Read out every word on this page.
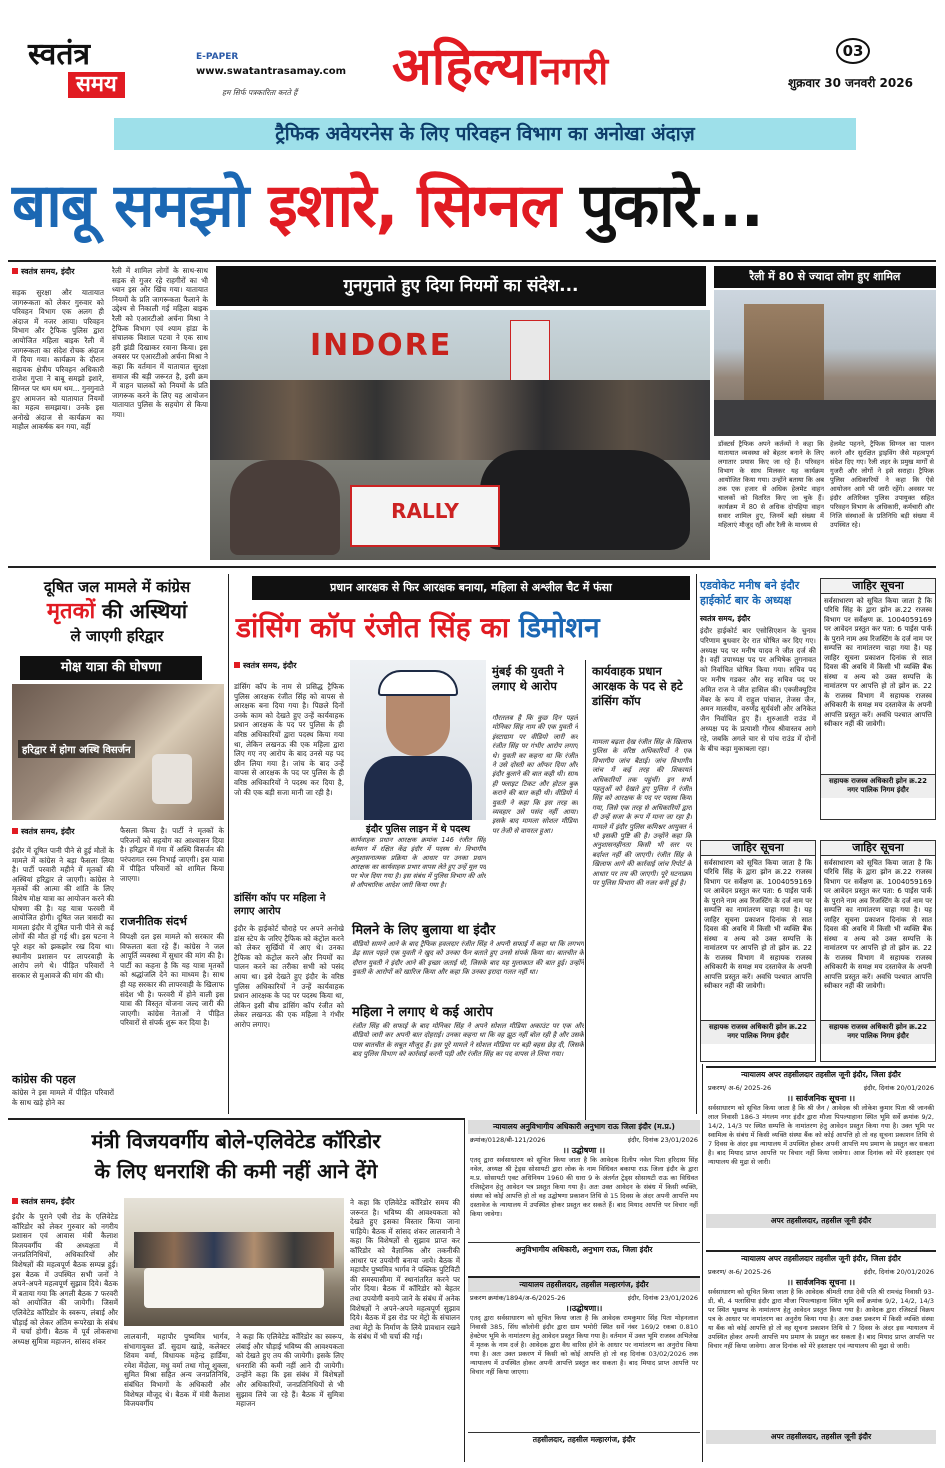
स्वतंत्र
समय
E-PAPER
www.swatantrasamay.com
हम सिर्फ पत्रकारिता करते हैं अहिल्यानगरी	03
शुक्रवार 30 जनवरी 2026
ट्रैफिक अवेयरनेस के लिए परिवहन विभाग का अनोखा अंदाज़
बाबू समझो इशारे, सिग्नल पुकारे...
स्वतंत्र समय, इंदौर
सड़क सुरक्षा और यातायात जागरूकता को लेकर गुरुवार को परिवहन विभाग एक अलग ही अंदाज में नजर आया। परिवहन विभाग और ट्रैफिक पुलिस द्वारा आयोजित महिला बाइक रैली में जागरूकता का संदेश रोचक अंदाज में दिया गया। कार्यक्रम के दौरान सहायक क्षेत्रीय परिवहन अधिकारी राजेश गुप्ता ने बाबू समझो इशारे, सिग्नल पर थम थम थम... गुनगुनाते हुए आमजन को यातायात नियमों का महत्व समझाया। उनके इस अनोखे अंदाज से कार्यक्रम का माहौल आकर्षक बन गया, वहीं
रैली में शामिल लोगों के साथ-साथ सड़क से गुजर रहे राहगीरों का भी ध्यान इस ओर खिंच गया। यातायात नियमों के प्रति जागरूकता फैलाने के उद्देश्य से निकाली गई महिला बाइक रैली को एआरटीओ अर्चना मिश्रा ने ट्रैफिक विभाग एवं श्याम हांडा के संचालक विशाल पटवा ने एक साथ हरी झंडी दिखाकर रवाना किया। इस अवसर पर एआरटीओ अर्चना मिश्रा ने कहा कि वर्तमान में यातायात सुरक्षा समाज की बड़ी जरूरत है, इसी क्रम में वाहन चालकों को नियमों के प्रति जागरूक करने के लिए यह आयोजन यातायात पुलिस के सहयोग से किया गया।
गुनगुनाते हुए दिया नियमों का संदेश...
INDORE
RALLY
रैली में 80 से ज्यादा लोग हुए शामिल
डॉक्टर्स ट्रैफिक अपने कर्तव्यों ने कहा कि यातायात व्यवस्था को बेहतर बनाने के लिए लगातार प्रयास किए जा रहे हैं। परिवहन विभाग के साथ मिलकर यह कार्यक्रम आयोजित किया गया। उन्होंने बताया कि अब तक एक हजार से अधिक हेलमेट वाहन चालकों को वितरित किए जा चुके हैं। कार्यक्रम में 80 से अधिक दोपहिया वाहन सवार शामिल हुए, जिनमें बड़ी संख्या में महिलाएं मौजूद रहीं और रैली के माध्यम से
हेलमेट पहनने, ट्रैफिक सिग्नल का पालन करने और सुरक्षित ड्राइविंग जैसे महत्वपूर्ण संदेश दिए गए। रैली शहर के प्रमुख मार्गों से गुजरी और लोगों ने इसे सराहा। ट्रैफिक पुलिस अधिकारियों ने कहा कि ऐसे आयोजन आगे भी जारी रहेंगे। अवसर पर इंदौर अतिरिक्त पुलिस उपायुक्त सहित परिवहन विभाग के अधिकारी, कर्मचारी और निजि संस्थाओं के प्रतिनिधि बड़ी संख्या में उपस्थित रहे।
दूषित जल मामले में कांग्रेस
मृतकों की अस्थियां
ले जाएगी हरिद्वार
मोक्ष यात्रा की घोषणा
हरिद्वार में होगा अस्थि विसर्जन
स्वतंत्र समय, इंदौर
इंदौर में दूषित पानी पीने से हुई मौतों के मामले में कांग्रेस ने बड़ा फैसला लिया है। पार्टी परवारी महीने में मृतकों की अस्थियां हरिद्वार ले जाएगी। कांग्रेस ने मृतकों की आत्मा की शांति के लिए विशेष मोक्ष यात्रा का आयोजन करने की घोषणा की है। यह यात्रा फरवरी में आयोजित होगी। दूषित जल त्रासदी का मामला इंदौर में दूषित पानी पीने से कई लोगों की मौत हो गई थी। इस घटना ने पूरे शहर को झकझोर रख दिया था। स्थानीय प्रशासन पर लापरवाही के आरोप लगे थे। पीड़ित परिवारों ने सरकार से मुआवजे की मांग की थी।
कांग्रेस की पहल
कांग्रेस ने इस मामले में पीड़ित परिवारों के साथ खड़े होने का
फैसला किया है। पार्टी ने मृतकों के परिजनों को सहयोग का आश्वासन दिया है। हरिद्वार में गंगा में अस्थि विसर्जन की परंपरागत रस्म निभाई जाएगी। इस यात्रा में पीड़ित परिवारों को शामिल किया जाएगा।
राजनीतिक संदर्भ
विपक्षी दल इस मामले को सरकार की विफलता बता रहे हैं। कांग्रेस ने जल आपूर्ति व्यवस्था में सुधार की मांग की है। पार्टी का कहना है कि यह यात्रा मृतकों को श्रद्धांजलि देने का माध्यम है। साथ ही यह सरकार की लापरवाही के खिलाफ संदेश भी है। फरवरी में होने वाली इस यात्रा की विस्तृत योजना जल्द जारी की जाएगी। कांग्रेस नेताओं ने पीड़ित परिवारों से संपर्क शुरू कर दिया है।
प्रधान आरक्षक से फिर आरक्षक बनाया, महिला से अश्लील चैट में फंसा
डांसिंग कॉप रंजीत सिंह का डिमोशन
स्वतंत्र समय, इंदौर
डांसिंग कॉप के नाम से प्रसिद्ध ट्रैफिक पुलिस आरक्षक रंजीत सिंह को वापस से आरक्षक बना दिया गया है। पिछले दिनों उनके काम को देखते हुए उन्हें कार्यवाहक प्रधान आरक्षक के पद पर पुलिस के ही वरिष्ठ अधिकारियों द्वारा पदस्थ किया गया था, लेकिन लखनऊ की एक महिला द्वारा लिए गए नए आरोप के बाद उनसे यह पद छीन लिया गया है। जांच के बाद उन्हें वापस से आरक्षक के पद पर पुलिस के ही वरिष्ठ अधिकारियों ने पदस्थ कर दिया है, जो की एक बड़ी सजा मानी जा रही है।
डांसिंग कॉप पर महिला ने लगाए आरोप
इंदौर के हाईकोर्ट चौराहे पर अपने अनोखे डांस स्टेप के जरिए ट्रैफिक को कंट्रोल करने को लेकर सुर्खियों में आए थे। उनका ट्रैफिक को कंट्रोल करने और नियमों का पालन करने का तरीका सभी को पसंद आया था। इसे देखते हुए इंदौर के वरिष्ठ पुलिस अधिकारियों ने उन्हें कार्यवाहक प्रधान आरक्षक के पद पर पदस्थ किया था, लेकिन इसी बीच डांसिंग कॉप रंजीत को लेकर लखनऊ की एक महिला ने गंभीर आरोप लगाए।
इंदौर पुलिस लाइन में थे पदस्थ
कार्यवाहक प्रधान आरक्षक क्रमांक 146 रंजीत सिंह वर्तमान में रक्षित केंद्र इंदौर में पदस्थ थे। विभागीय अनुशासनात्मक प्रक्रिया के आधार पर उनका प्रधान आरक्षक का कार्यवाहक प्रभार वापस लेते हुए उन्हें मूल पद पर भेज दिया गया है। इस संबंध में पुलिस विभाग की ओर से औपचारिक आदेश जारी किया गया है।
मुंबई की युवती ने लगाए थे आरोप
गौरतलब है कि कुछ दिन पहले मोनिका सिंह नाम की एक युवती ने इंस्टाग्राम पर वीडियो जारी कर रंजीत सिंह पर गंभीर आरोप लगाए थे। युवती का कहना था कि रंजीत ने उसे दोस्ती का ऑफर दिया और इंदौर बुलाने की बात कही थी। साथ ही फ्लाइट टिकट और होटल बुक कराने की बात कही थी। वीडियो में युवती ने कहा कि इस तरह का व्यवहार उसे पसंद नहीं आया। इसके बाद मामला सोशल मीडिया पर तेजी से वायरल हुआ।
कार्यवाहक प्रधान आरक्षक के पद से हटे डांसिंग कॉप
मामला बढ़ता देख रंजीत सिंह के खिलाफ पुलिस के वरिष्ठ अधिकारियों ने एक विभागीय जांच बैठाई। जांच विभागीय जांच में कई तरह की शिकायतें अधिकारियों तक पहुंचीं। इन सभी पहलुओं को देखते हुए पुलिस ने रंजीत सिंह को आरक्षक के पद पर पदस्थ किया गया, जिसे एक तरह से अधिकारियों द्वारा दी उन्हें सजा के रूप में माना जा रहा है। मामले में इंदौर पुलिस कमिश्नर आयुक्त ने भी इसकी पुष्टि की है। उन्होंने कहा कि अनुशासनहीनता किसी भी स्तर पर बर्दाश्त नहीं की जाएगी। रंजीत सिंह के खिलाफ आगे की कार्रवाई जांच रिपोर्ट के आधार पर तय की जाएगी। पूरे घटनाक्रम पर पुलिस विभाग की नजर बनी हुई है।
मिलने के लिए बुलाया था इंदौर
वीडियो सामने आने के बाद ट्रैफिक हवलदार रंजीत सिंह ने अपनी सफाई में कहा था कि लगभग डेढ़ साल पहले एक युवती ने खुद को उनका फैन बताते हुए उनसे संपर्क किया था। बातचीत के दौरान युवती ने इंदौर आने की इच्छा जताई थी, जिसके बाद यह मुलाकात की बात हुई। उन्होंने युवती के आरोपों को खारिज किया और कहा कि उनका इरादा गलत नहीं था।
महिला ने लगाए थे कई आरोप
रंजीत सिंह की सफाई के बाद मोनिका सिंह ने अपने सोशल मीडिया अकाउंट पर एक और वीडियो जारी कर अपनी बात दोहराई। उनका कहना था कि वह झूठ नहीं बोल रही है और उसके पास बातचीत के सबूत मौजूद हैं। इस पूरे मामले ने सोशल मीडिया पर बड़ी बहस छेड़ दी, जिसके बाद पुलिस विभाग को कार्रवाई करनी पड़ी और रंजीत सिंह का पद वापस ले लिया गया।
एडवोकेट मनीष बने इंदौर
हाईकोर्ट बार के अध्यक्ष
स्वतंत्र समय, इंदौर
इंदौर हाईकोर्ट बार एसोसिएशन के चुनाव परिणाम बुधवार देर रात घोषित कर दिए गए। अध्यक्ष पद पर मनीष यादव ने जीत दर्ज की है। वहीं उपाध्यक्ष पद पर अभिषेक तुगनावत को निर्वाचित घोषित किया गया। सचिव पद पर मनीष गडकर और सह सचिव पद पर अमित राज ने जीत हासिल की। एक्जीक्यूटिव मेंबर के रूप में राहुल पांचाल, तेजस जैन, अमन मालवीय, वरुणेंद्र सूर्यवंशी और अनिकेत जैन निर्वाचित हुए हैं। शुरुआती राउंड में अध्यक्ष पद के प्रत्याशी गौरव श्रीवास्तव आगे रहे, जबकि अगले चार से पांच राउंड में दोनों के बीच कड़ा मुकाबला रहा।
जाहिर सूचना
सर्वसाधारण को सूचित किया जाता है कि परिधि सिंह के द्वारा झोन क्र.22 राजस्व विभाग पर सर्वेक्षण क्र. 1004059169 पर आवेदन प्रस्तुत कर पता: 6 पाईस पार्क के पुराने नाम अव रिजस्टिंग के दर्ज नाम पर सम्पत्ति का नामांतरण चाहा गया है। यह जाहिर सूचना प्रकाशन दिनांक से सात दिवस की अवधि में किसी भी व्यक्ति बैंक संस्था व अन्य को उक्त सम्पत्ति के नामांतरण पर आपत्ति हो तो झोन क्र. 22 के राजस्व विभाग में सहायक राजस्व अधिकारी के समक्ष मय दस्तावेज के अपनी आपत्ति प्रस्तुत करें। अवधि पश्चात आपत्ति स्वीकार नहीं की जावेगी।
सहायक राजस्व अधिकारी झोन क्र.22 नगर पालिक निगम इंदौर
जाहिर सूचना
सर्वसाधारण को सूचित किया जाता है कि परिधि सिंह के द्वारा झोन क्र.22 राजस्व विभाग पर सर्वेक्षण क्र. 1004059169 पर आवेदन प्रस्तुत कर पता: 6 पाईस पार्क के पुराने नाम अव रिजस्टिंग के दर्ज नाम पर सम्पत्ति का नामांतरण चाहा गया है। यह जाहिर सूचना प्रकाशन दिनांक से सात दिवस की अवधि में किसी भी व्यक्ति बैंक संस्था व अन्य को उक्त सम्पत्ति के नामांतरण पर आपत्ति हो तो झोन क्र. 22 के राजस्व विभाग में सहायक राजस्व अधिकारी के समक्ष मय दस्तावेज के अपनी आपत्ति प्रस्तुत करें। अवधि पश्चात आपत्ति स्वीकार नहीं की जावेगी।
सहायक राजस्व अधिकारी झोन क्र.22 नगर पालिक निगम इंदौर
जाहिर सूचना
सर्वसाधारण को सूचित किया जाता है कि परिधि सिंह के द्वारा झोन क्र.22 राजस्व विभाग पर सर्वेक्षण क्र. 1004059169 पर आवेदन प्रस्तुत कर पता: 6 पाईस पार्क के पुराने नाम अव रिजस्टिंग के दर्ज नाम पर सम्पत्ति का नामांतरण चाहा गया है। यह जाहिर सूचना प्रकाशन दिनांक से सात दिवस की अवधि में किसी भी व्यक्ति बैंक संस्था व अन्य को उक्त सम्पत्ति के नामांतरण पर आपत्ति हो तो झोन क्र. 22 के राजस्व विभाग में सहायक राजस्व अधिकारी के समक्ष मय दस्तावेज के अपनी आपत्ति प्रस्तुत करें। अवधि पश्चात आपत्ति स्वीकार नहीं की जावेगी।
सहायक राजस्व अधिकारी झोन क्र.22 नगर पालिक निगम इंदौर
मंत्री विजयवर्गीय बोले-एलिवेटेड कॉरिडोर
के लिए धनराशि की कमी नहीं आने देंगे
स्वतंत्र समय, इंदौर
इंदौर के पुराने एबी रोड के एलिवेटेड कॉरिडोर को लेकर गुरुवार को नगरीय प्रशासन एवं आवास मंत्री कैलाश विजयवर्गीय की अध्यक्षता में जनप्रतिनिधियों, अधिकारियों और विशेषज्ञों की महत्वपूर्ण बैठक सम्पन्न हुई। इस बैठक में उपस्थित सभी जनों ने अपने-अपने महत्वपूर्ण सुझाव दिये। बैठक में बताया गया कि अगली बैठक 7 फरवरी को आयोजित की जायेगी। जिसमें एलिवेटेड कॉरिडोर के स्वरूप, लंबाई और चौड़ाई को लेकर अंतिम रूपरेखा के संबंध में चर्चा होगी। बैठक में पूर्व लोकसभा अध्यक्ष सुमित्रा महाजन, सांसद शंकर
लालवानी, महापौर पुष्यमित्र भार्गव, संभागायुक्त डॉ. सुदाम खाड़े, कलेक्टर शिवम वर्मा, विधायक महेन्द्र हार्डिया, रमेश मेंदोला, मधु वर्मा तथा गोलू शुक्ला, सुमित मिश्रा सहित अन्य जनप्रतिनिधि, संबंधित विभागों के अधिकारी और विशेषज्ञ मौजूद थे। बैठक में मंत्री कैलाश विजयवर्गीय
ने कहा कि एलिवेटेड कॉरिडोर का स्वरूप, लंबाई और चौड़ाई भविष्य की आवश्यकता को देखते हुए तय की जायेगी। इसके लिए धनराशि की कमी नहीं आने दी जायेगी। उन्होंने कहा कि इस संबंध में विशेषज्ञों और अधिकारियों, जनप्रतिनिधियों से भी सुझाव लिये जा रहे हैं। बैठक में सुमित्रा महाजन
ने कहा कि एलिवेटेड कॉरिडोर समय की जरूरत है। भविष्य की आवश्यकता को देखते हुए इसका विस्तार किया जाना चाहिये। बैठक में सांसद शंकर लालवानी ने कहा कि विशेषज्ञों से सुझाव प्राप्त कर कॉरिडोर को वैज्ञानिक और तकनीकी आधार पर उपयोगी बनाया जाये। बैठक में महापौर पुष्यमित्र भार्गव ने पब्लिक पुटिविटी की समस्यासीमा में स्थानांतरित करने पर जोर दिया। बैठक में कॉरिडोर को बेहतर तथा उपयोगी बनाये जाने के संबंध में अनेक विशेषज्ञों ने अपने-अपने महत्वपूर्ण सुझाव दिये। बैठक में इस रोड पर मेट्रो के संचालन तथा मेट्रो के निर्माण के लिये प्रावधान रखने के संबंध में भी चर्चा की गई।
न्यायालय अनुविभागीय अधिकारी अनुभाग राऊ जिला इंदौर (म.प्र.)
क्रमांक/0128/बी-121/2026	इंदौर, दिनांक 23/01/2026
।। उद्घोषणा ।।
एतद् द्वारा सर्वसाधारण को सूचित किया जाता है कि आवेदक दिलीप नवेल पिता हरिदास सिंह नवेल, अध्यक्ष श्री ट्रेड्स सोसायटी द्वारा लोक के नाम विधिवत बकाया राऊ जिला इंदौर के द्वारा म.प्र. सोसायटी एक्ट अधिनियम 1960 की धारा 9 के अंतर्गत ट्रेड्स सोसायटी राऊ का विधिवत रजिस्ट्रेशन हेतु आवेदन पत्र प्रस्तुत किया गया है। अतः उक्त आवेदन के संबंध में किसी व्यक्ति, संस्था को कोई आपत्ति हो तो वह उद्घोषणा प्रकाशन तिथि से 15 दिवस के अंदर अपनी आपत्ति मय दस्तावेज के न्यायालय में उपस्थित होकर प्रस्तुत कर सकते हैं। बाद मियाद आपत्ति पर विचार नहीं किया जावेगा।
अनुविभागीय अधिकारी, अनुभाग राऊ, जिला इंदौर
न्यायालय तहसीलदार, तहसील मल्हारगंज, इंदौर
प्रकरण क्रमांक/1894/अ-6/2025-26	इंदौर, दिनांक 23/01/2026
।।उद्घोषणा।।
एतद् द्वारा सर्वसाधारण को सूचित किया जाता है कि आवेदक रामकुमार सिंह पिता मोहनलाल निवासी 385, सिंध कॉलोनी इंदौर द्वारा ग्राम भमोरी स्थित सर्वे नंबर 169/2 रकबा 0.810 हेक्टेयर भूमि के नामांतरण हेतु आवेदन प्रस्तुत किया गया है। वर्तमान में उक्त भूमि राजस्व अभिलेख में मृतक के नाम दर्ज है। आवेदक द्वारा वैध वारिस होने के आधार पर नामांतरण का अनुरोध किया गया है। अतः उक्त प्रकरण में किसी को कोई आपत्ति हो तो वह दिनांक 03/02/2026 तक न्यायालय में उपस्थित होकर अपनी आपत्ति प्रस्तुत कर सकता है। बाद मियाद प्राप्त आपत्ति पर विचार नहीं किया जाएगा।
तहसीलदार, तहसील मल्हारगंज, इंदौर
न्यायालय अपर तहसीलदार तहसील जूनी इंदौर, जिला इंदौर
प्रकरण/ अ-6/ 2025-26	इंदौर, दिनांक 20/01/2026
।। सार्वजनिक सूचना ।।
सर्वसाधारण को सूचित किया जाता है कि श्री जैन / आवेदक श्री लोकेश कुमार पिता श्री जानकी लाल निवासी 186-3 मंगलम नगर इंदौर द्वारा मौजा पिपल्याहाना स्थित भूमि सर्वे क्रमांक 9/2, 14/2, 14/3 पर स्थित सम्पत्ति के नामांतरण हेतु आवेदन प्रस्तुत किया गया है। उक्त भूमि पर स्वामित्व के संबंध में किसी व्यक्ति संस्था बैंक को कोई आपत्ति हो तो वह सूचना प्रकाशन तिथि से 7 दिवस के अंदर इस न्यायालय में उपस्थित होकर अपनी आपत्ति मय प्रमाण के प्रस्तुत कर सकता है। बाद मियाद प्राप्त आपत्ति पर विचार नहीं किया जावेगा। आज दिनांक को मेरे हस्ताक्षर एवं न्यायालय की मुद्रा से जारी।
अपर तहसीलदार, तहसील जूनी इंदौर
न्यायालय अपर तहसीलदार तहसील जूनी इंदौर, जिला इंदौर
प्रकरण/ अ-6/ 2025-26	इंदौर, दिनांक 20/01/2026
।। सार्वजनिक सूचना ।।
सर्वसाधारण को सूचित किया जाता है कि आवेदक श्रीमती राधा देवी पति श्री रामचंद्र निवासी 93-डी, बी, 4 पलासिया इंदौर द्वारा मौजा पिपल्याहाना स्थित भूमि सर्वे क्रमांक 9/2, 14/2, 14/3 पर स्थित भूखण्ड के नामांतरण हेतु आवेदन प्रस्तुत किया गया है। आवेदक द्वारा रजिस्टर्ड विक्रय पत्र के आधार पर नामांतरण का अनुरोध किया गया है। अतः उक्त प्रकरण में किसी व्यक्ति संस्था या बैंक को कोई आपत्ति हो तो वह सूचना प्रकाशन तिथि से 7 दिवस के अंदर इस न्यायालय में उपस्थित होकर अपनी आपत्ति मय प्रमाण के प्रस्तुत कर सकता है। बाद मियाद प्राप्त आपत्ति पर विचार नहीं किया जावेगा। आज दिनांक को मेरे हस्ताक्षर एवं न्यायालय की मुद्रा से जारी।
अपर तहसीलदार, तहसील जूनी इंदौर
